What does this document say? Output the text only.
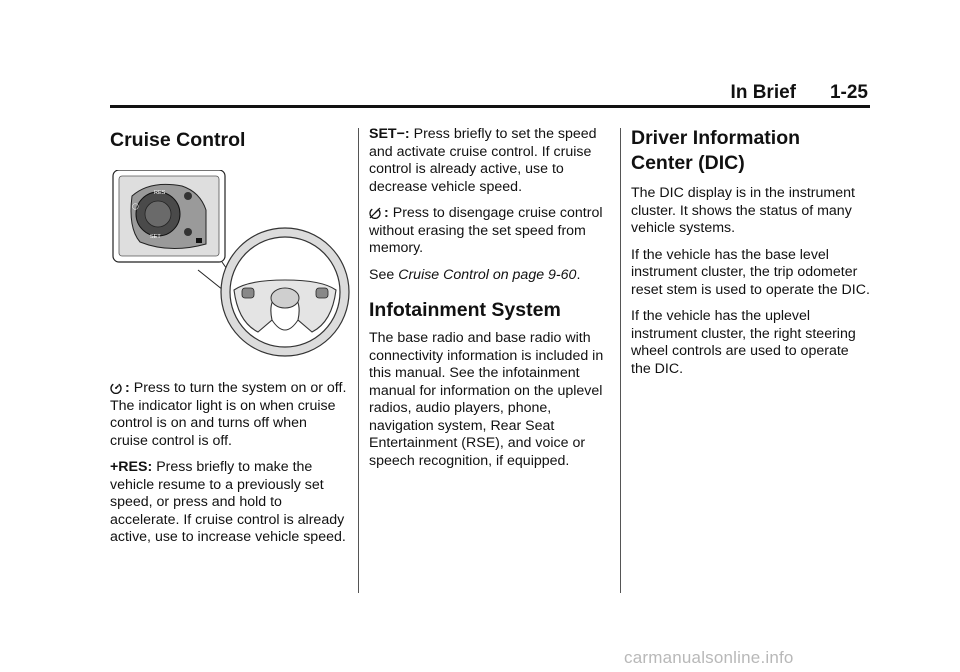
In Brief 1-25
Cruise Control
◯
RES
SET

: Press to turn the system on or off. The indicator light is on when cruise control is on and turns off when cruise control is off.

+RES: Press briefly to make the vehicle resume to a previously set speed, or press and hold to accelerate. If cruise control is already active, use to increase vehicle speed.

SET−: Press briefly to set the speed and activate cruise control. If cruise control is already active, use to decrease vehicle speed.

: Press to disengage cruise control without erasing the set speed from memory.

See Cruise Control on page 9-60.

Infotainment System

The base radio and base radio with connectivity information is included in this manual. See the infotainment manual for information on the uplevel radios, audio players, phone, navigation system, Rear Seat Entertainment (RSE), and voice or speech recognition, if equipped.

Driver Information
Center (DIC)

The DIC display is in the instrument cluster. It shows the status of many vehicle systems.

If the vehicle has the base level instrument cluster, the trip odometer reset stem is used to operate the DIC.

If the vehicle has the uplevel instrument cluster, the right steering wheel controls are used to operate the DIC.

carmanualsonline.info
